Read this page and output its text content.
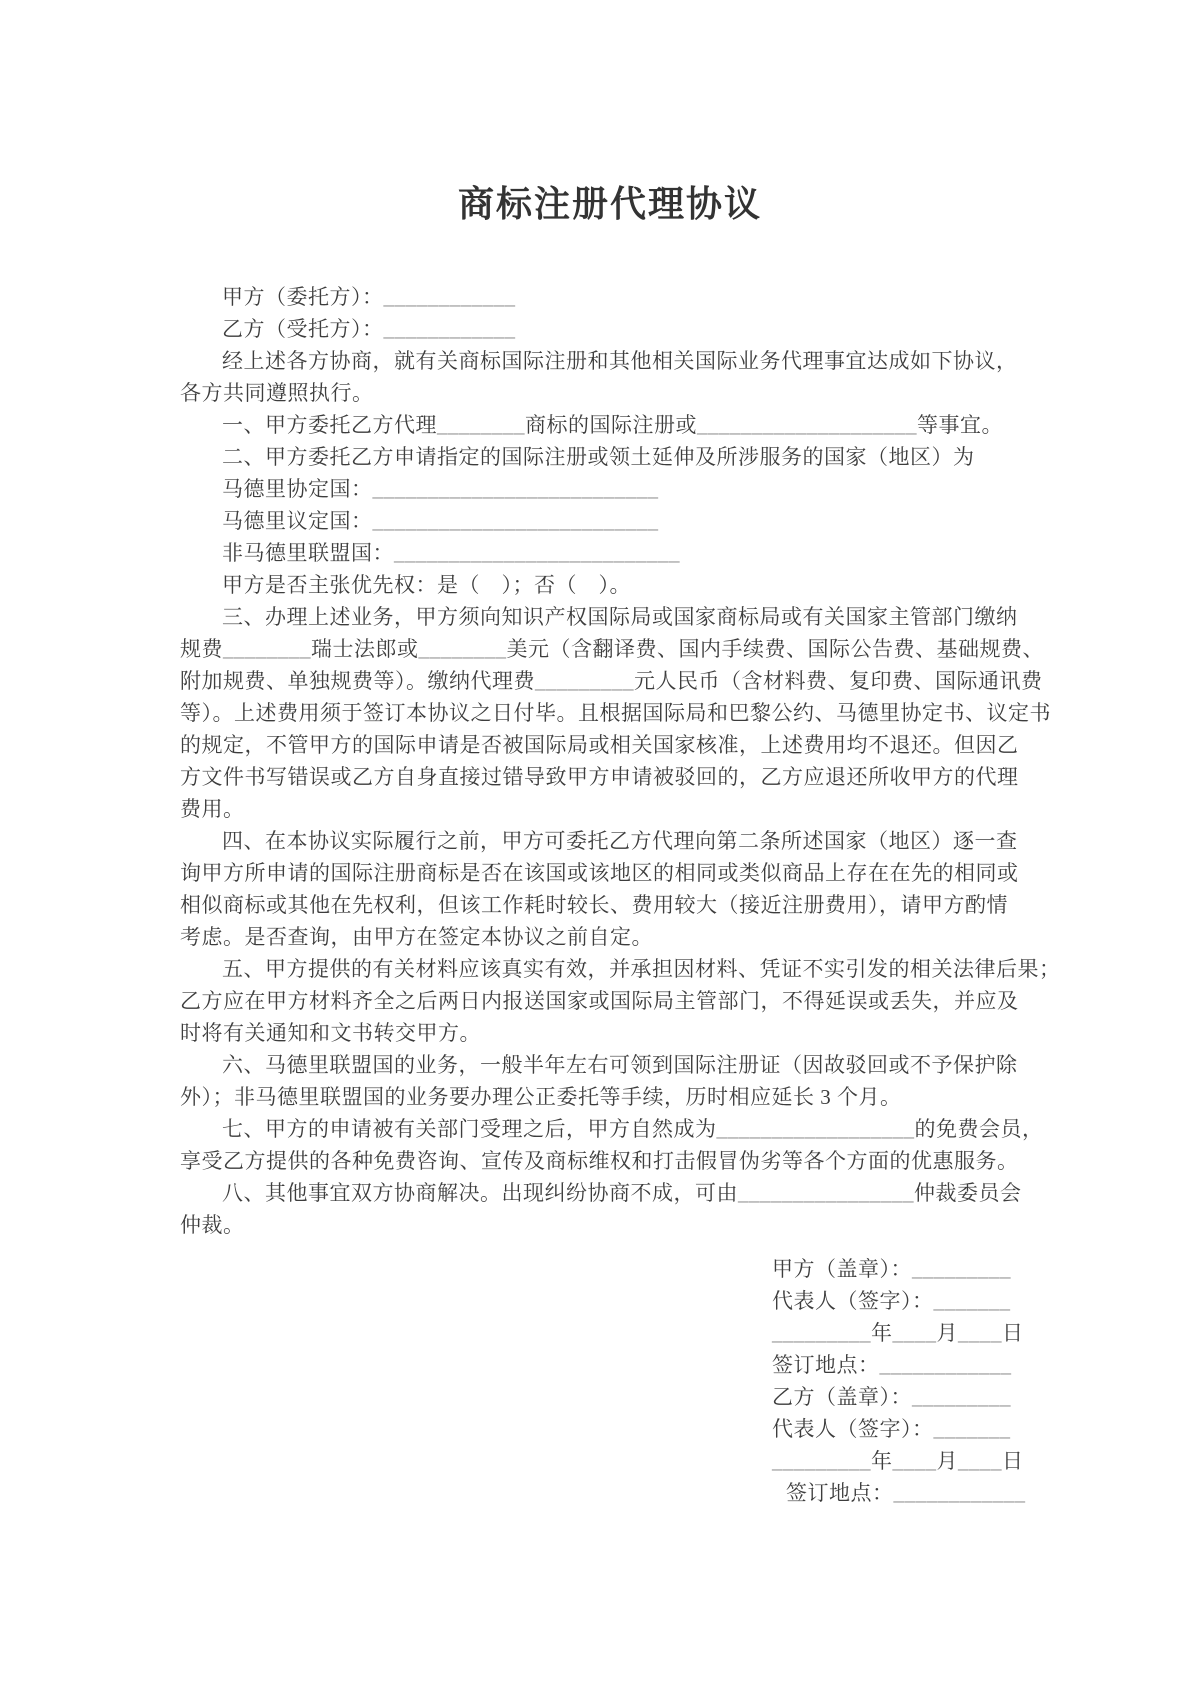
商标注册代理协议

甲方（委托方）：____________

乙方（受托方）：____________

经上述各方协商，就有关商标国际注册和其他相关国际业务代理事宜达成如下协议，

各方共同遵照执行。

一、甲方委托乙方代理________商标的国际注册或____________________等事宜。

二、甲方委托乙方申请指定的国际注册或领土延伸及所涉服务的国家（地区）为

马德里协定国：__________________________

马德里议定国：__________________________

非马德里联盟国：__________________________

甲方是否主张优先权：是（　）；否（　）。

三、办理上述业务，甲方须向知识产权国际局或国家商标局或有关国家主管部门缴纳

规费________瑞士法郎或________美元（含翻译费、国内手续费、国际公告费、基础规费、

附加规费、单独规费等）。缴纳代理费_________元人民币（含材料费、复印费、国际通讯费

等）。上述费用须于签订本协议之日付毕。且根据国际局和巴黎公约、马德里协定书、议定书

的规定，不管甲方的国际申请是否被国际局或相关国家核准，上述费用均不退还。但因乙

方文件书写错误或乙方自身直接过错导致甲方申请被驳回的，乙方应退还所收甲方的代理

费用。

四、在本协议实际履行之前，甲方可委托乙方代理向第二条所述国家（地区）逐一查

询甲方所申请的国际注册商标是否在该国或该地区的相同或类似商品上存在在先的相同或

相似商标或其他在先权利，但该工作耗时较长、费用较大（接近注册费用），请甲方酌情

考虑。是否查询，由甲方在签定本协议之前自定。

五、甲方提供的有关材料应该真实有效，并承担因材料、凭证不实引发的相关法律后果；

乙方应在甲方材料齐全之后两日内报送国家或国际局主管部门，不得延误或丢失，并应及

时将有关通知和文书转交甲方。

六、马德里联盟国的业务，一般半年左右可领到国际注册证（因故驳回或不予保护除

外）；非马德里联盟国的业务要办理公正委托等手续，历时相应延长 3 个月。

七、甲方的申请被有关部门受理之后，甲方自然成为__________________的免费会员，

享受乙方提供的各种免费咨询、宣传及商标维权和打击假冒伪劣等各个方面的优惠服务。

八、其他事宜双方协商解决。出现纠纷协商不成，可由________________仲裁委员会

仲裁。

甲方（盖章）：_________

代表人（签字）：_______

_________年____月____日

签订地点：____________

乙方（盖章）：_________

代表人（签字）：_______

_________年____月____日

签订地点：____________
